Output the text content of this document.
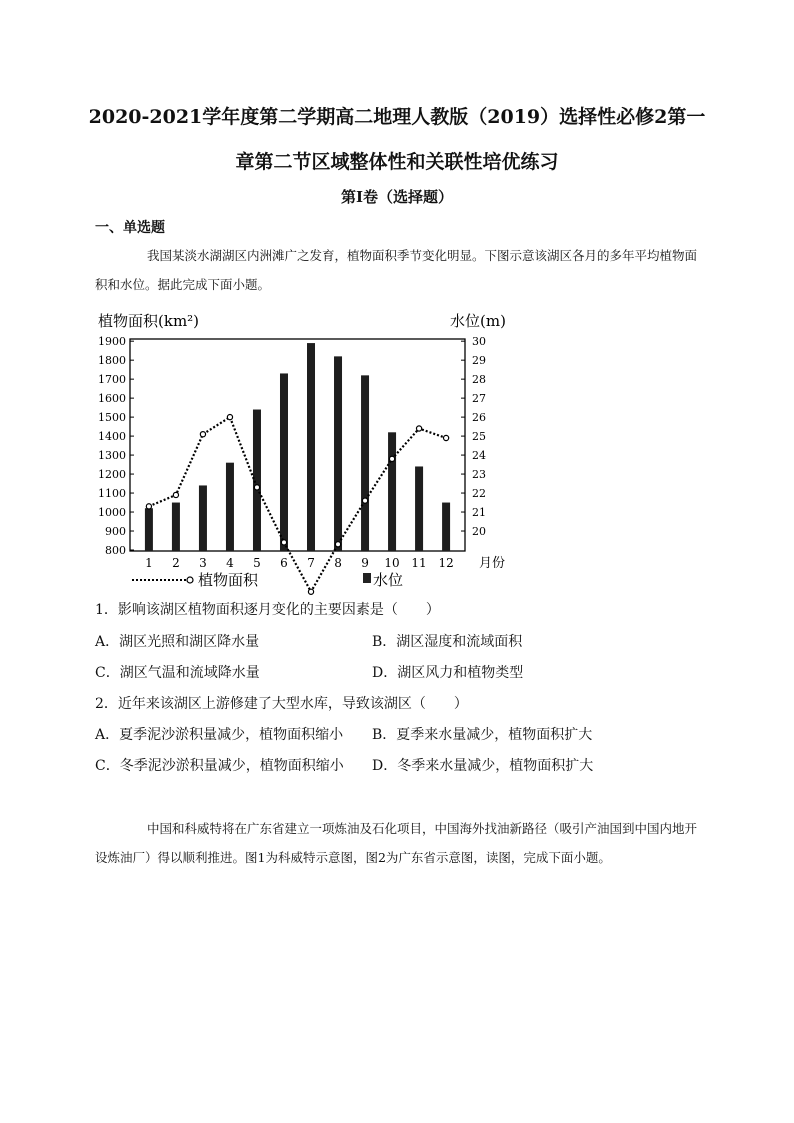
2020-2021学年度第二学期高二地理人教版（2019）选择性必修2第一
章第二节区域整体性和关联性培优练习
第I卷（选择题）
一、单选题
我国某淡水湖湖区内洲滩广之发育，植物面积季节变化明显。下图示意该湖区各月的多年平均植物面积和水位。据此完成下面小题。
植物面积(km²)	水位(m)
1900
1800
1700
1600
1500
1400
1300
1200
1100
1000
900
800
30
29
28
27
26
25
24
23
22
21
20
1 2 3 4 5 6 7 8 9 10 11 12 月份
植物面积	水位
1．影响该湖区植物面积逐月变化的主要因素是（　　）
A．湖区光照和湖区降水量	B．湖区湿度和流域面积
C．湖区气温和流域降水量	D．湖区风力和植物类型
2．近年来该湖区上游修建了大型水库，导致该湖区（　　）
A．夏季泥沙淤积量减少，植物面积缩小 B．夏季来水量减少，植物面积扩大
C．冬季泥沙淤积量减少，植物面积缩小 D．冬季来水量减少，植物面积扩大
中国和科威特将在广东省建立一项炼油及石化项目，中国海外找油新路径（吸引产油国到中国内地开设炼油厂）得以顺利推进。图1为科威特示意图，图2为广东省示意图，读图，完成下面小题。
